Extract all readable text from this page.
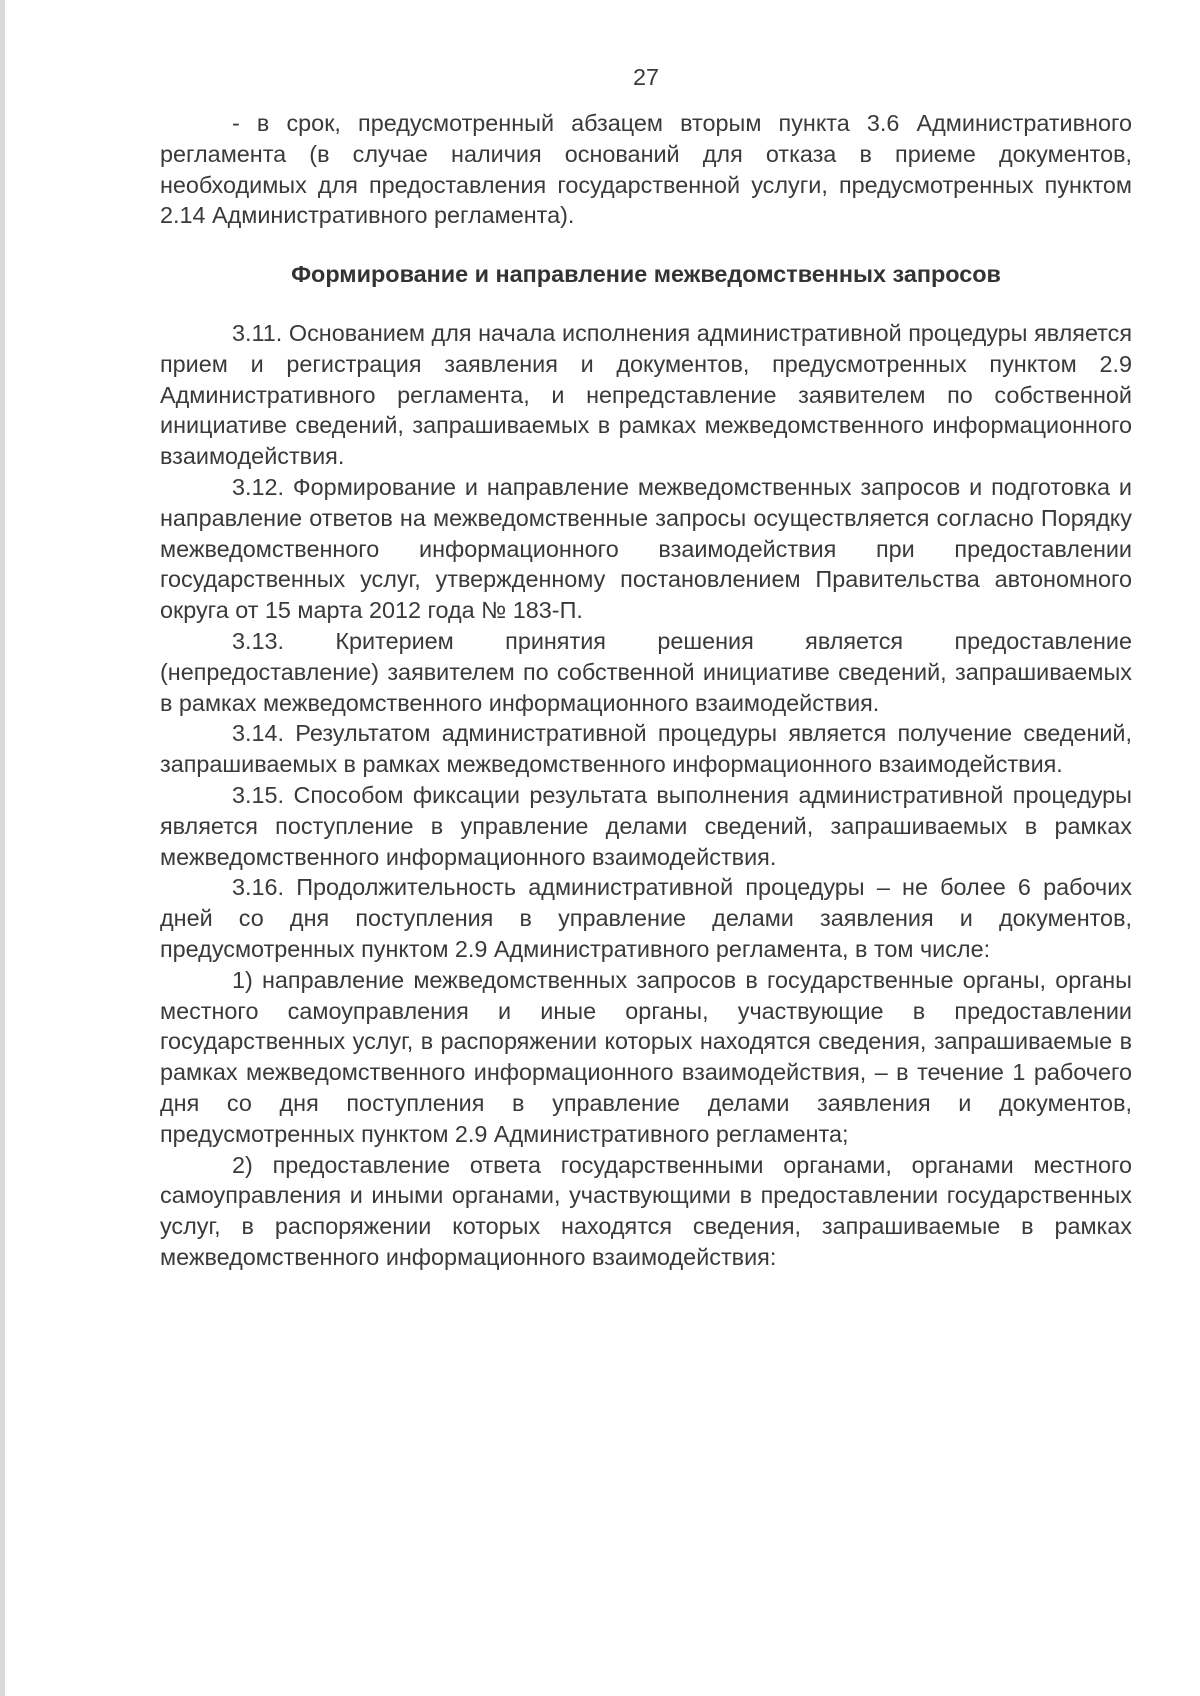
27

- в срок, предусмотренный абзацем вторым пункта 3.6 Административного регламента (в случае наличия оснований для отказа в приеме документов, необходимых для предоставления государственной услуги, предусмотренных пунктом 2.14 Административного регламента).

Формирование и направление межведомственных запросов

3.11. Основанием для начала исполнения административной процедуры является прием и регистрация заявления и документов, предусмотренных пунктом 2.9 Административного регламента, и непредставление заявителем по собственной инициативе сведений, запрашиваемых в рамках межведомственного информационного взаимодействия.

3.12. Формирование и направление межведомственных запросов и подготовка и направление ответов на межведомственные запросы осуществляется согласно Порядку межведомственного информационного взаимодействия при предоставлении государственных услуг, утвержденному постановлением Правительства автономного округа от 15 марта 2012 года № 183-П.

3.13. Критерием принятия решения является предоставление (непредоставление) заявителем по собственной инициативе сведений, запрашиваемых в рамках межведомственного информационного взаимодействия.

3.14. Результатом административной процедуры является получение сведений, запрашиваемых в рамках межведомственного информационного взаимодействия.

3.15. Способом фиксации результата выполнения административной процедуры является поступление в управление делами сведений, запрашиваемых в рамках межведомственного информационного взаимодействия.

3.16. Продолжительность административной процедуры – не более 6 рабочих дней со дня поступления в управление делами заявления и документов, предусмотренных пунктом 2.9 Административного регламента, в том числе:

1) направление межведомственных запросов в государственные органы, органы местного самоуправления и иные органы, участвующие в предоставлении государственных услуг, в распоряжении которых находятся сведения, запрашиваемые в рамках межведомственного информационного взаимодействия, – в течение 1 рабочего дня со дня поступления в управление делами заявления и документов, предусмотренных пунктом 2.9 Административного регламента;

2) предоставление ответа государственными органами, органами местного самоуправления и иными органами, участвующими в предоставлении государственных услуг, в распоряжении которых находятся сведения, запрашиваемые в рамках межведомственного информационного взаимодействия:
